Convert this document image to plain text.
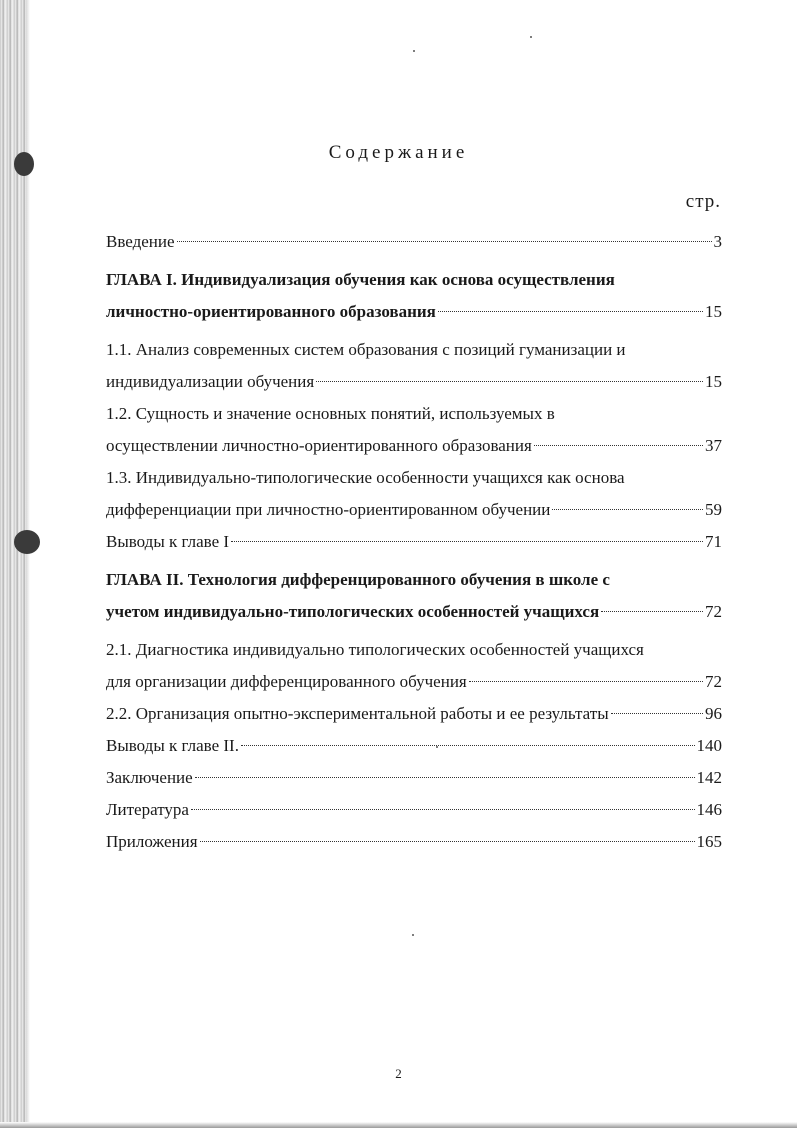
Содержание
стр.
Введение	3
ГЛАВА I. Индивидуализация обучения как основа осуществления
личностно-ориентированного образования	15
1.1. Анализ современных систем образования с позиций гуманизации и
индивидуализации обучения	15
1.2. Сущность и значение основных понятий, используемых в
осуществлении личностно-ориентированного образования	37
1.3. Индивидуально-типологические особенности учащихся как основа
дифференциации при личностно-ориентированном обучении	59
Выводы к главе I	71
ГЛАВА II. Технология дифференцированного обучения в школе с
учетом индивидуально-типологических особенностей учащихся	72
2.1. Диагностика индивидуально типологических особенностей учащихся
для организации дифференцированного обучения	72
2.2. Организация опытно-экспериментальной работы и ее результаты	96
Выводы к главе II.	140
Заключение	142
Литература	146
Приложения	165
2
